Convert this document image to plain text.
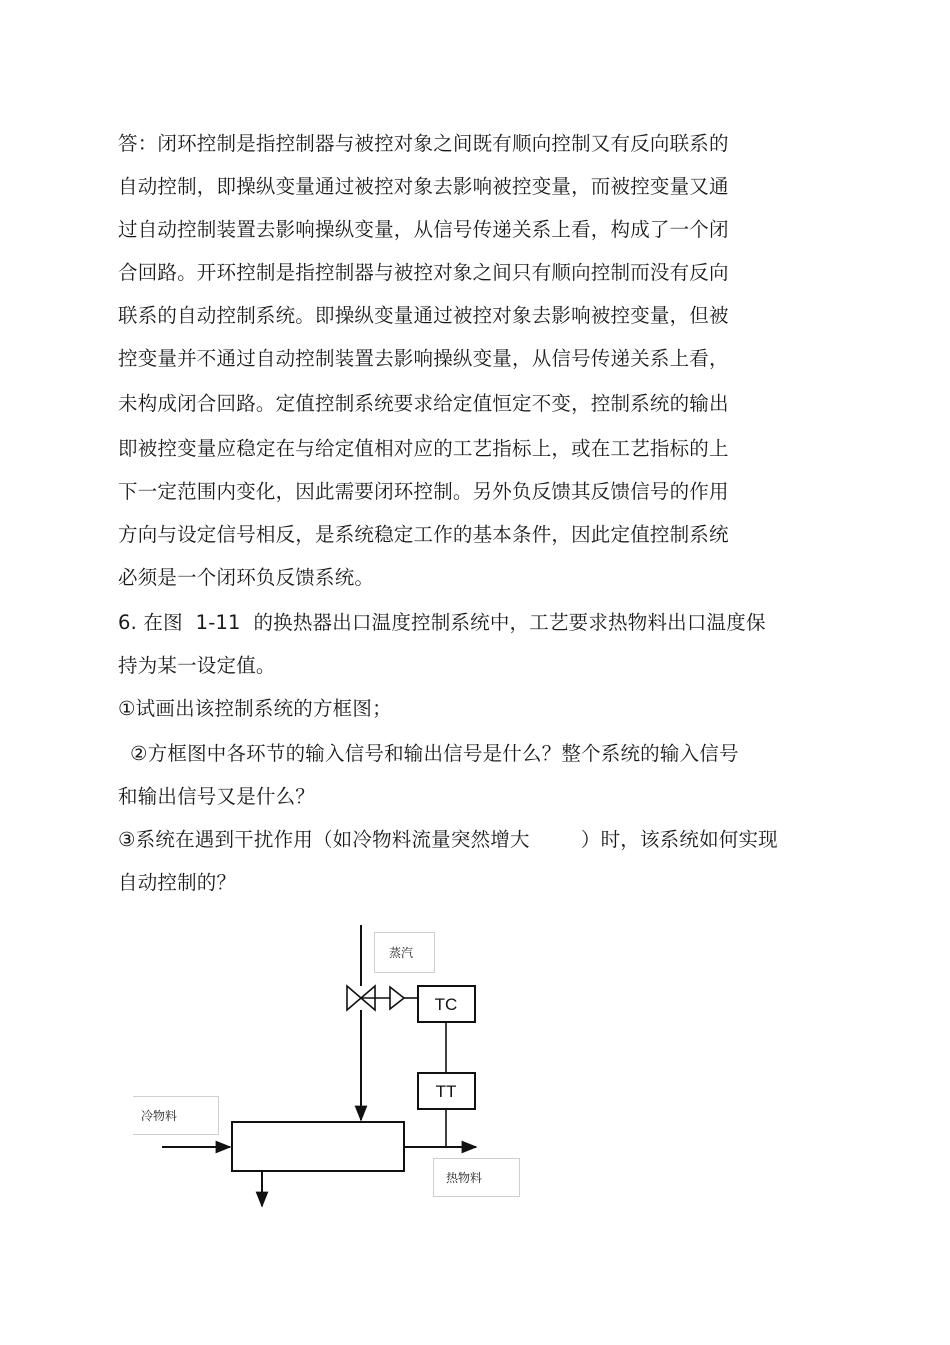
答：闭环控制是指控制器与被控对象之间既有顺向控制又有反向联系的
自动控制，即操纵变量通过被控对象去影响被控变量，而被控变量又通
过自动控制装置去影响操纵变量，从信号传递关系上看，构成了一个闭
合回路。开环控制是指控制器与被控对象之间只有顺向控制而没有反向
联系的自动控制系统。即操纵变量通过被控对象去影响被控变量，但被
控变量并不通过自动控制装置去影响操纵变量，从信号传递关系上看，
未构成闭合回路。定值控制系统要求给定值恒定不变，控制系统的输出
即被控变量应稳定在与给定值相对应的工艺指标上，或在工艺指标的上
下一定范围内变化，因此需要闭环控制。另外负反馈其反馈信号的作用
方向与设定信号相反，是系统稳定工作的基本条件，因此定值控制系统
必须是一个闭环负反馈系统。
6. 在图  1-11  的换热器出口温度控制系统中，工艺要求热物料出口温度保
持为某一设定值。
①试画出该控制系统的方框图；
②方框图中各环节的输入信号和输出信号是什么？整个系统的输入信号
和输出信号又是什么？
③系统在遇到干扰作用（如冷物料流量突然增大        ）时，该系统如何实现
自动控制的？
TC
TT
蒸汽
冷物料
热物料
